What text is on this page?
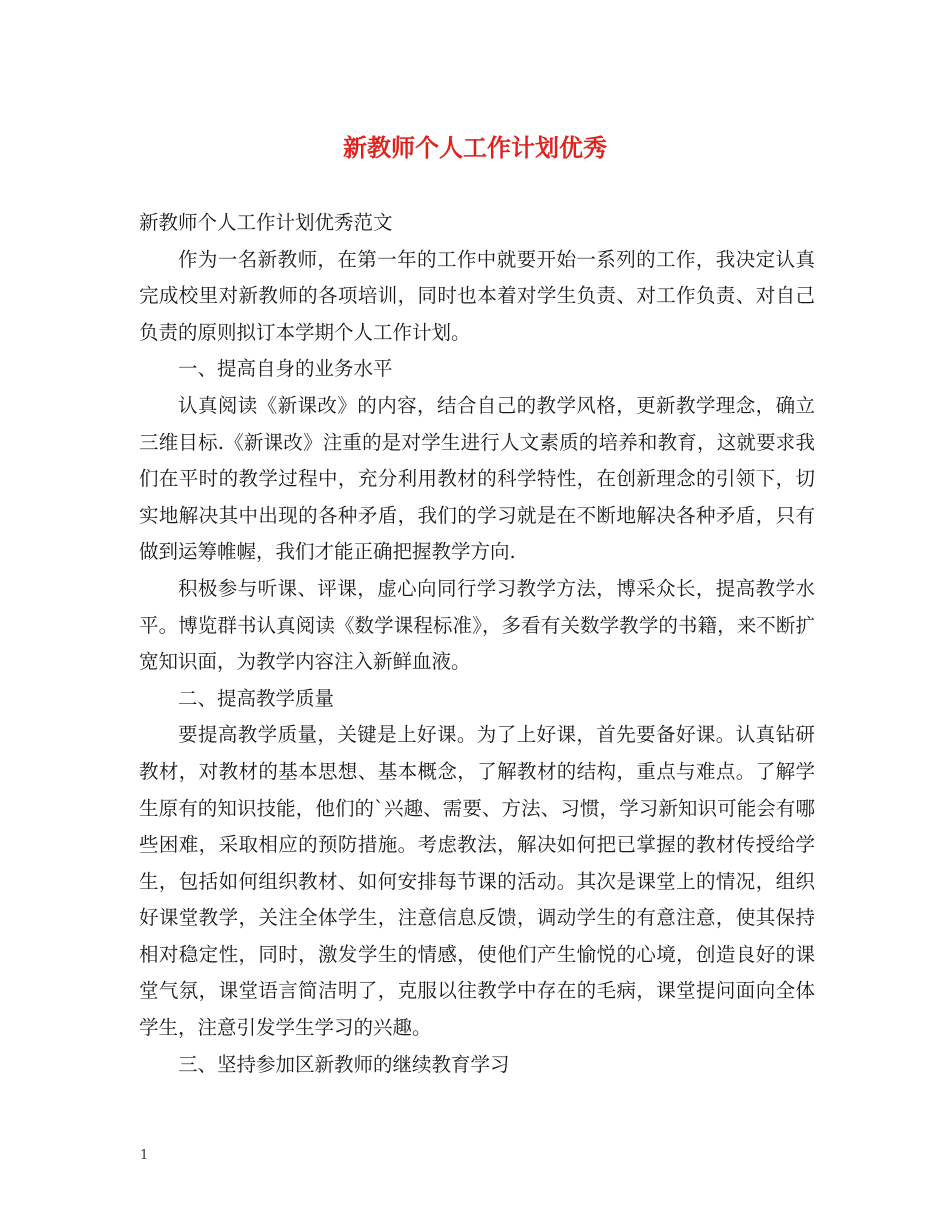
新教师个人工作计划优秀

新教师个人工作计划优秀范文

作为一名新教师，在第一年的工作中就要开始一系列的工作，我决定认真完成校里对新教师的各项培训，同时也本着对学生负责、对工作负责、对自己负责的原则拟订本学期个人工作计划。

一、提高自身的业务水平

认真阅读《新课改》的内容，结合自己的教学风格，更新教学理念，确立三维目标.《新课改》注重的是对学生进行人文素质的培养和教育，这就要求我们在平时的教学过程中，充分利用教材的科学特性，在创新理念的引领下，切实地解决其中出现的各种矛盾，我们的学习就是在不断地解决各种矛盾，只有做到运筹帷幄，我们才能正确把握教学方向.

积极参与听课、评课，虚心向同行学习教学方法，博采众长，提高教学水平。博览群书认真阅读《数学课程标准》，多看有关数学教学的书籍，来不断扩宽知识面，为教学内容注入新鲜血液。

二、提高教学质量

要提高教学质量，关键是上好课。为了上好课，首先要备好课。认真钻研教材，对教材的基本思想、基本概念，了解教材的结构，重点与难点。了解学生原有的知识技能，他们的`兴趣、需要、方法、习惯，学习新知识可能会有哪些困难，采取相应的预防措施。考虑教法，解决如何把已掌握的教材传授给学生，包括如何组织教材、如何安排每节课的活动。其次是课堂上的情况，组织好课堂教学，关注全体学生，注意信息反馈，调动学生的有意注意，使其保持相对稳定性，同时，激发学生的情感，使他们产生愉悦的心境，创造良好的课堂气氛，课堂语言简洁明了，克服以往教学中存在的毛病，课堂提问面向全体学生，注意引发学生学习的兴趣。

三、坚持参加区新教师的继续教育学习

1
